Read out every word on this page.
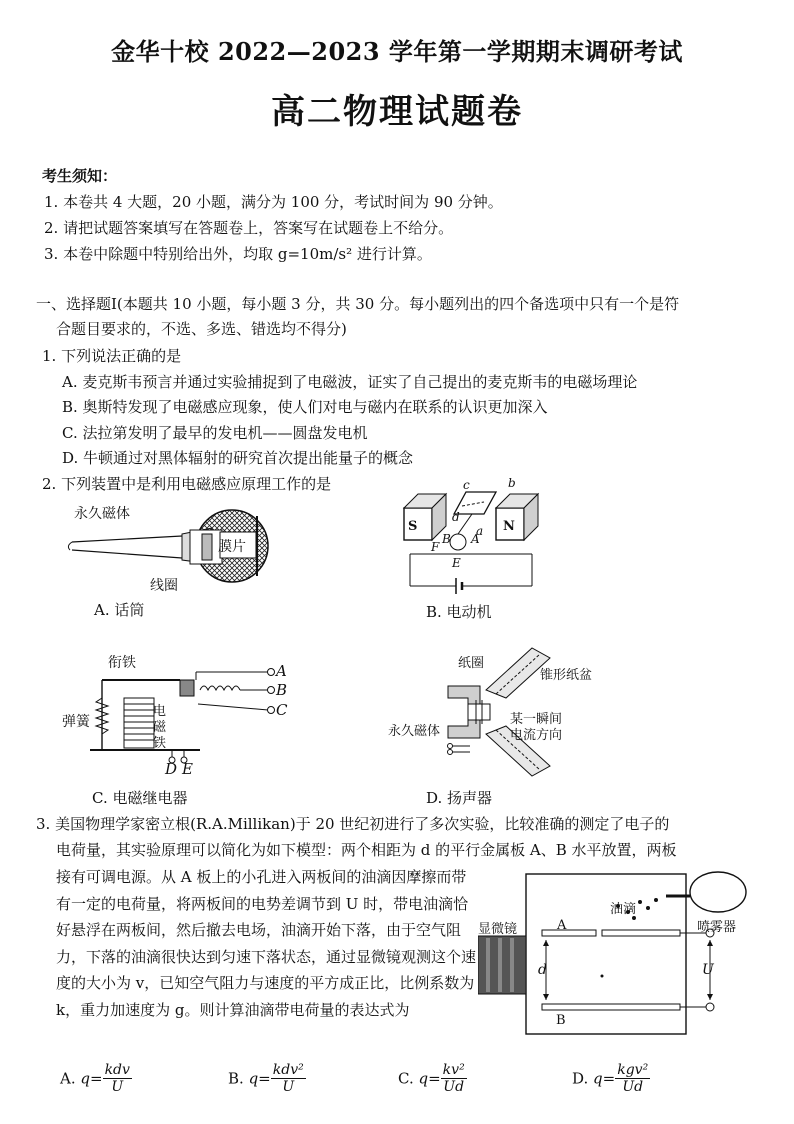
金华十校 2022—2023 学年第一学期期末调研考试
高二物理试题卷
考生须知：
1. 本卷共 4 大题，20 小题，满分为 100 分，考试时间为 90 分钟。
2. 请把试题答案填写在答题卷上，答案写在试题卷上不给分。
3. 本卷中除题中特别给出外，均取 g=10m/s² 进行计算。
一、选择题Ⅰ(本题共 10 小题，每小题 3 分，共 30 分。每小题列出的四个备选项中只有一个是符
合题目要求的，不选、多选、错选均不得分)
1. 下列说法正确的是
A. 麦克斯韦预言并通过实验捕捉到了电磁波，证实了自己提出的麦克斯韦的电磁场理论
B. 奥斯特发现了电磁感应现象，使人们对电与磁内在联系的认识更加深入
C. 法拉第发明了最早的发电机——圆盘发电机
D. 牛顿通过对黑体辐射的研究首次提出能量子的概念
2. 下列装置中是利用电磁感应原理工作的是
永久磁体
膜片
线圈
A. 话筒
S	N
c	b
d
a
B
F
A
E
B. 电动机
衔铁
弹簧
电
磁
铁
A
B
C
D E
C. 电磁继电器
纸圈
锥形纸盆
永久磁体
某一瞬间
电流方向
D. 扬声器
3. 美国物理学家密立根(R.A.Millikan)于 20 世纪初进行了多次实验，比较准确的测定了电子的
电荷量，其实验原理可以简化为如下模型：两个相距为 d 的平行金属板 A、B 水平放置，两板
接有可调电源。从 A 板上的小孔进入两板间的油滴因摩擦而带有一定的电荷量，将两板间的电势差调节到 U 时，带电油滴恰好悬浮在两板间，然后撤去电场，油滴开始下落，由于空气阻力，下落的油滴很快达到匀速下落状态，通过显微镜观测这个速度的大小为 v，已知空气阻力与速度的平方成正比，比例系数为 k，重力加速度为 g。则计算油滴带电荷量的表达式为
油滴
喷雾器
显微镜	A
B
d	U
A. $q= \frac{\text{kdv}}{U}$	B. $q= \frac{\text{kdv²}}{U}$	C. $q= \frac{\text{kv²}}{Ud}$	D. $q= \frac{\text{kgv²}}{Ud}$
